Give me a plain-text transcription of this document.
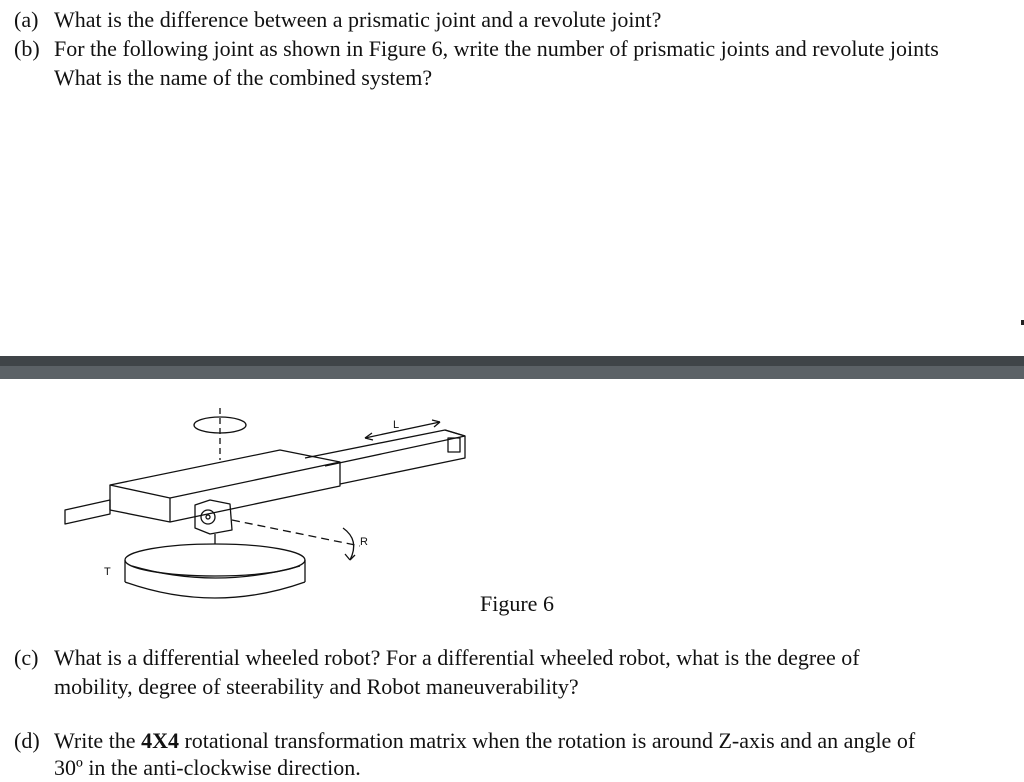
(a) What is the difference between a prismatic joint and a revolute joint?
(b) For the following joint as shown in Figure 6, write the number of prismatic joints and revolute joints
What is the name of the combined system?
L
R
T
Figure 6
(c) What is a differential wheeled robot? For a differential wheeled robot, what is the degree of
mobility, degree of steerability and Robot maneuverability?
(d) Write the 4X4 rotational transformation matrix when the rotation is around Z-axis and an angle of
30º in the anti-clockwise direction.
